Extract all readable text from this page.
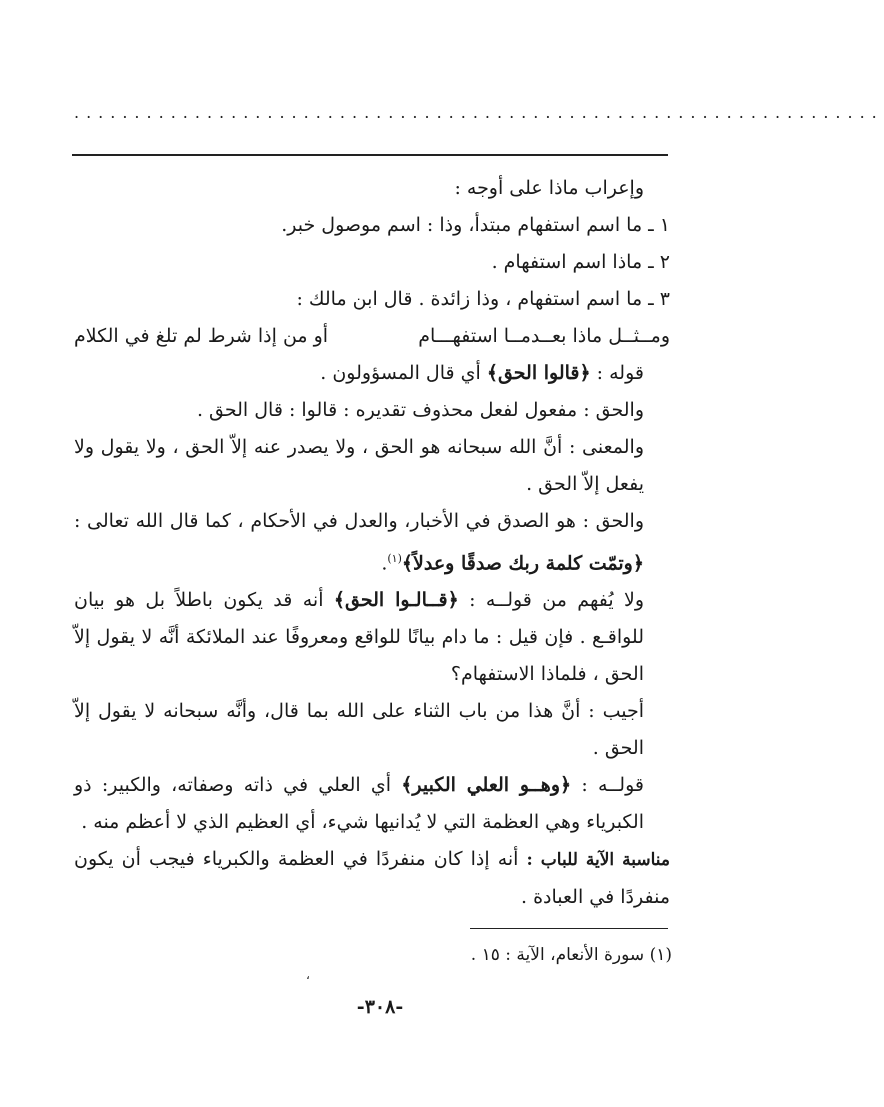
...................................................................

وإعراب ماذا على أوجه :

١ ـ ما اسم استفهام مبتدأ، وذا : اسم موصول خبر.

٢ ـ ماذا اسم استفهام .

٣ ـ ما اسم استفهام ، وذا زائدة . قال ابن مالك :

ومــثــل ماذا بعــدمــا استفهـــام
أو من إذا شرط لم تلغ في الكلام

قوله : ﴿قالوا الحق﴾ أي قال المسؤولون .

والحق : مفعول لفعل محذوف تقديره : قالوا : قال الحق .

والمعنى : أنَّ الله سبحانه هو الحق ، ولا يصدر عنه إلاّ الحق ، ولا يقول ولا يفعل إلاّ الحق .

والحق : هو الصدق في الأخبار، والعدل في الأحكام ، كما قال الله تعالى : ﴿وتمّت كلمة ربك صدقًا وعدلاً﴾$^{(١)}$.

ولا يُفهم من قولــه : ﴿قــالـوا الحق﴾ أنه قد يكون باطلاً بل هو بيان للواقـع . فإن قيل : ما دام بيانًا للواقع ومعروفًا عند الملائكة أنَّه لا يقول إلاّ الحق ، فلماذا الاستفهام؟

أجيب : أنَّ هذا من باب الثناء على الله بما قال، وأنَّه سبحانه لا يقول إلاّ الحق .

قولــه : ﴿وهــو العلي الكبير﴾ أي العلي في ذاته وصفاته، والكبير: ذو الكبرياء وهي العظمة التي لا يُدانيها شيء، أي العظيم الذي لا أعظم منه .

مناسبة الآية للباب : أنه إذا كان منفردًا في العظمة والكبرياء فيجب أن يكون منفردًا في العبادة .

(١) سورة الأنعام، الآية : ١٥ .
،
-٣٠٨-
